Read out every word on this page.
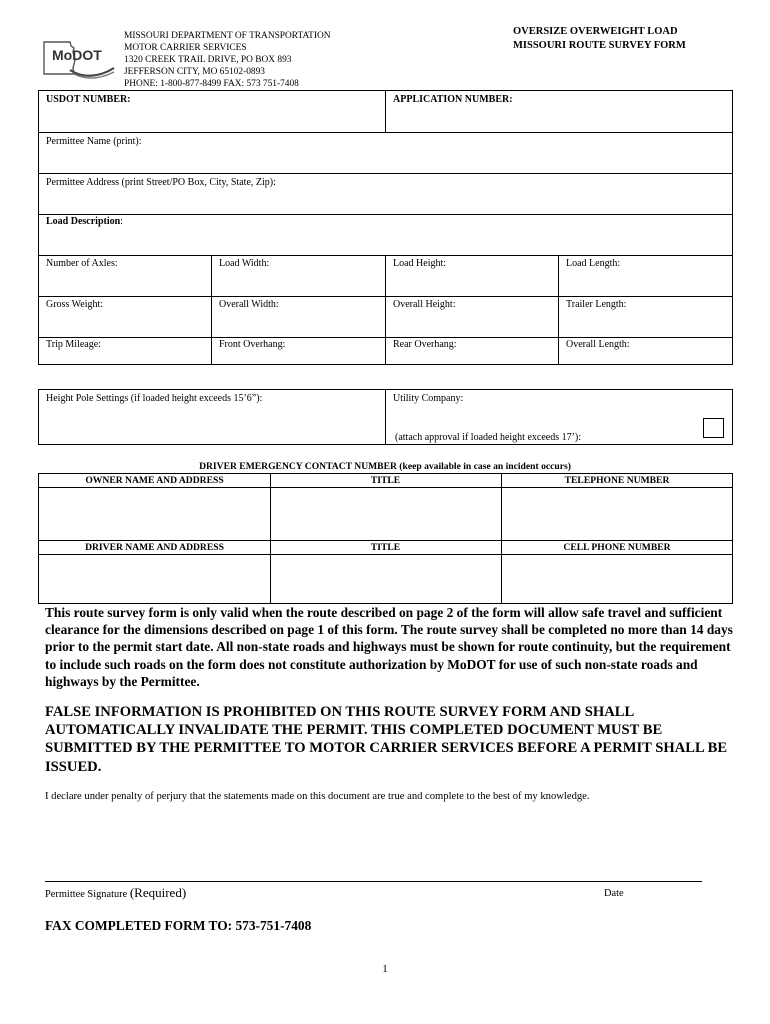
MoDOT
MISSOURI DEPARTMENT OF TRANSPORTATION
MOTOR CARRIER SERVICES
1320 CREEK TRAIL DRIVE, PO BOX 893
JEFFERSON CITY, MO 65102-0893
PHONE: 1-800-877-8499 FAX: 573 751-7408
OVERSIZE OVERWEIGHT LOAD
MISSOURI ROUTE SURVEY FORM
USDOT NUMBER:	APPLICATION NUMBER:
Permittee Name (print):
Permittee Address (print Street/PO Box, City, State, Zip):
Load Description:
Number of Axles:	Load Width:	Load Height:	Load Length:
Gross Weight:	Overall Width:	Overall Height:	Trailer Length:
Trip Mileage:	Front Overhang:	Rear Overhang:	Overall Length:
Height Pole Settings (if loaded height exceeds 15’6”):	Utility Company:
(attach approval if loaded height exceeds 17’):
DRIVER EMERGENCY CONTACT NUMBER (keep available in case an incident occurs)
OWNER NAME AND ADDRESS	TITLE	TELEPHONE NUMBER
DRIVER NAME AND ADDRESS	TITLE	CELL PHONE NUMBER
This route survey form is only valid when the route described on page 2 of the form will allow safe travel and sufficient clearance for the dimensions described on page 1 of this form. The route survey shall be completed no more than 14 days prior to the permit start date. All non-state roads and highways must be shown for route continuity, but the requirement to include such roads on the form does not constitute authorization by MoDOT for use of such non-state roads and highways by the Permittee.
FALSE INFORMATION IS PROHIBITED ON THIS ROUTE SURVEY FORM AND SHALL AUTOMATICALLY INVALIDATE THE PERMIT. THIS COMPLETED DOCUMENT MUST BE SUBMITTED BY THE PERMITTEE TO MOTOR CARRIER SERVICES BEFORE A PERMIT SHALL BE ISSUED.
I declare under penalty of perjury that the statements made on this document are true and complete to the best of my knowledge.
Permittee Signature (Required)	Date
FAX COMPLETED FORM TO: 573-751-7408
1
